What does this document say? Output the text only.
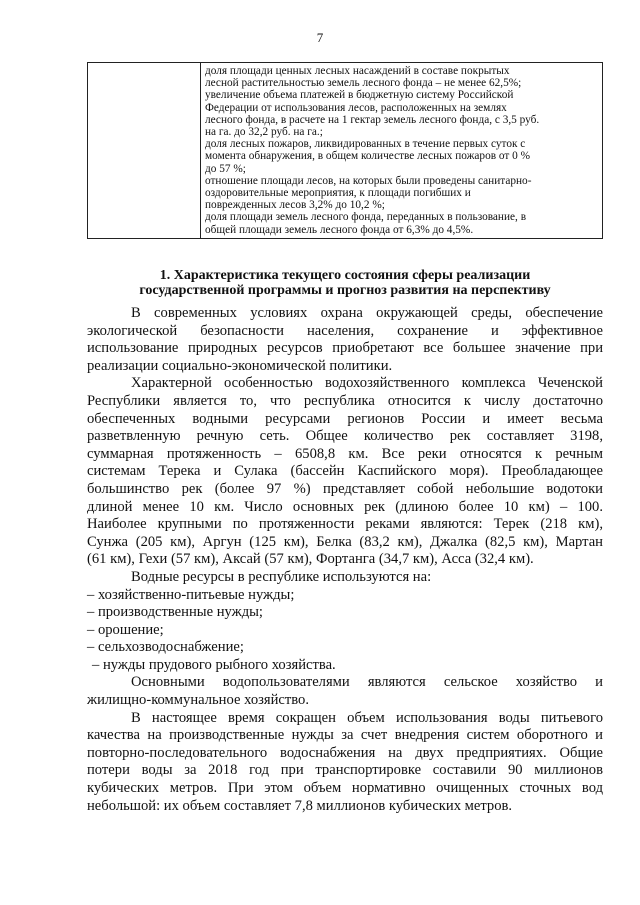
7

доля площади ценных лесных насаждений в составе покрытых
лесной растительностью земель лесного фонда – не менее 62,5%;
увеличение объема платежей в бюджетную систему Российской
Федерации от использования лесов, расположенных на землях
лесного фонда, в расчете на 1 гектар земель лесного фонда, с 3,5 руб.
на га. до 32,2 руб. на га.;
доля лесных пожаров, ликвидированных в течение первых суток с
момента обнаружения, в общем количестве лесных пожаров от 0 %
до 57 %;
отношение площади лесов, на которых были проведены санитарно-
оздоровительные мероприятия, к площади погибших и
поврежденных лесов 3,2% до 10,2 %;
доля площади земель лесного фонда, переданных в пользование, в
общей площади земель лесного фонда от 6,3% до 4,5%.
1. Характеристика текущего состояния сферы реализации
государственной программы и прогноз развития на перспективу

В современных условиях охрана окружающей среды, обеспечение
экологической безопасности населения, сохранение и эффективное
использование природных ресурсов приобретают все большее значение при
реализации социально-экономической политики.

Характерной особенностью водохозяйственного комплекса Чеченской
Республики является то, что республика относится к числу достаточно
обеспеченных водными ресурсами регионов России и имеет весьма
разветвленную речную сеть. Общее количество рек составляет 3198,
суммарная протяженность – 6508,8 км. Все реки относятся к речным
системам Терека и Сулака (бассейн Каспийского моря). Преобладающее
большинство рек (более 97 %) представляет собой небольшие водотоки
длиной менее 10 км. Число основных рек (длиною более 10 км) – 100.
Наиболее крупными по протяженности реками являются: Терек (218 км),
Сунжа (205 км), Аргун (125 км), Белка (83,2 км), Джалка (82,5 км), Мартан
(61 км), Гехи (57 км), Аксай (57 км), Фортанга (34,7 км), Асса (32,4 км).

Водные ресурсы в республике используются на:

– хозяйственно-питьевые нужды;
– производственные нужды;
– орошение;
– сельхозводоснабжение;
– нужды прудового рыбного хозяйства.

Основными водопользователями являются сельское хозяйство и
жилищно-коммунальное хозяйство.

В настоящее время сокращен объем использования воды питьевого
качества на производственные нужды за счет внедрения систем оборотного и
повторно-последовательного водоснабжения на двух предприятиях. Общие
потери воды за 2018 год при транспортировке составили 90 миллионов
кубических метров. При этом объем нормативно очищенных сточных вод
небольшой: их объем составляет 7,8 миллионов кубических метров.
